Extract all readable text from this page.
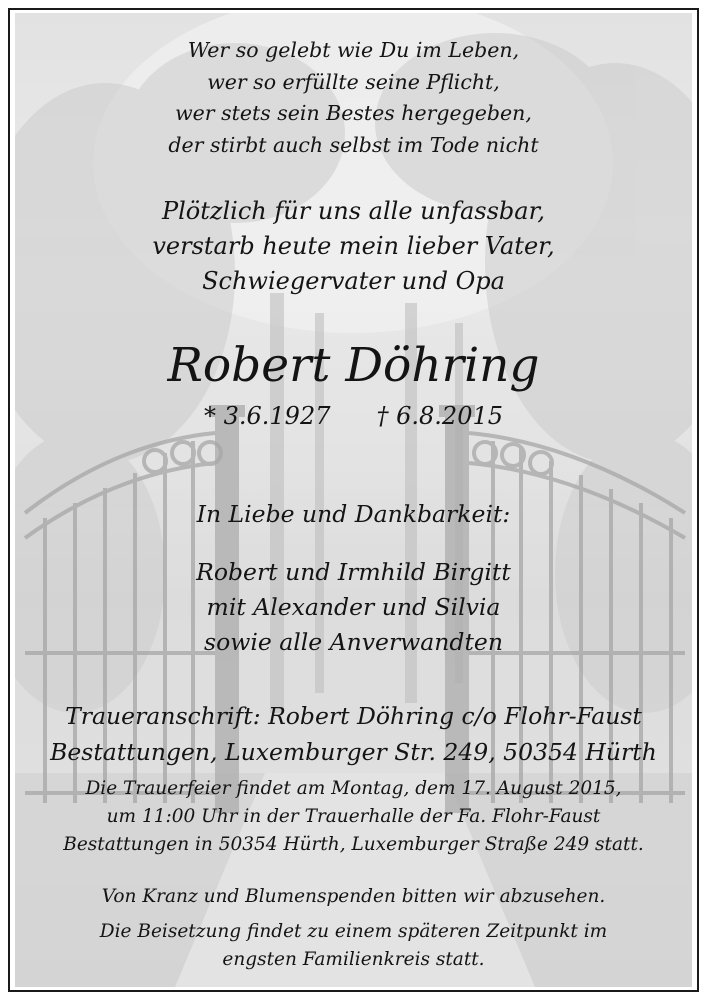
Wer so gelebt wie Du im Leben,
wer so erfüllte seine Pflicht,
wer stets sein Bestes hergegeben,
der stirbt auch selbst im Tode nicht
Plötzlich für uns alle unfassbar,
verstarb heute mein lieber Vater,
Schwiegervater und Opa
Robert Döhring
* 3.6.1927 † 6.8.2015
In Liebe und Dankbarkeit:
Robert und Irmhild Birgitt
mit Alexander und Silvia
sowie alle Anverwandten
Traueranschrift: Robert Döhring c/o Flohr-Faust
Bestattungen, Luxemburger Str. 249, 50354 Hürth
Die Trauerfeier findet am Montag, dem 17. August 2015,
um 11:00 Uhr in der Trauerhalle der Fa. Flohr-Faust
Bestattungen in 50354 Hürth, Luxemburger Straße 249 statt.
Von Kranz und Blumenspenden bitten wir abzusehen.
Die Beisetzung findet zu einem späteren Zeitpunkt im
engsten Familienkreis statt.
